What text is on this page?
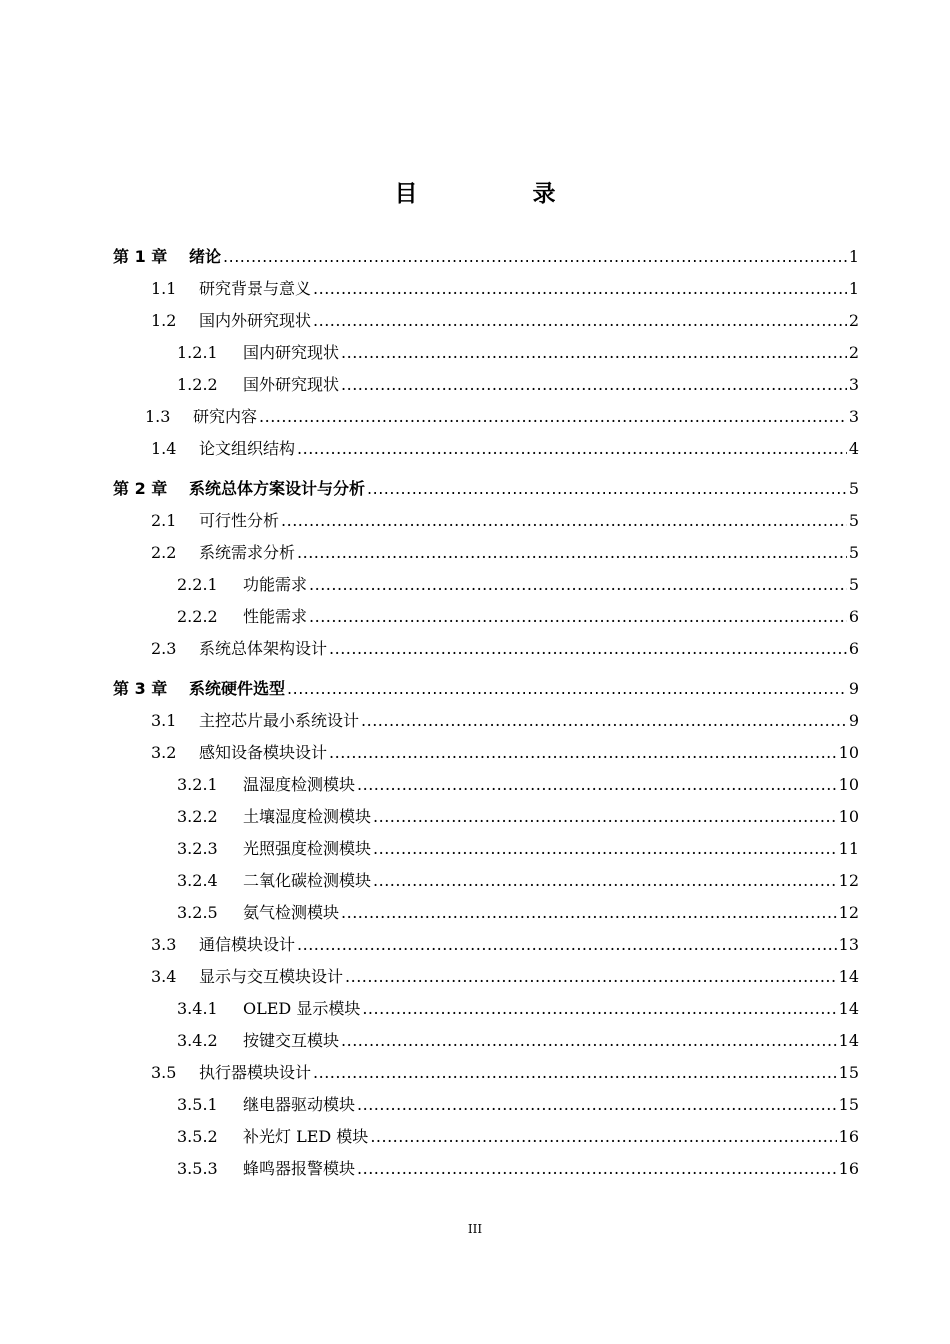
目　录
第 1 章	绪论 .....	1
1.1	研究背景与意义 .....	1
1.2	国内外研究现状 .....	2
1.2.1	国内研究现状 .....	2
1.2.2	国外研究现状 .....	3
1.3	研究内容 .....	3
1.4	论文组织结构 .....	4
第 2 章	系统总体方案设计与分析 .....	5
2.1	可行性分析 .....	5
2.2	系统需求分析 .....	5
2.2.1	功能需求 .....	5
2.2.2	性能需求 .....	6
2.3	系统总体架构设计 .....	6
第 3 章	系统硬件选型 .....	9
3.1	主控芯片最小系统设计 .....	9
3.2	感知设备模块设计 .....	10
3.2.1	温湿度检测模块 .....	10
3.2.2	土壤湿度检测模块 .....	10
3.2.3	光照强度检测模块 .....	11
3.2.4	二氧化碳检测模块 .....	12
3.2.5	氨气检测模块 .....	12
3.3	通信模块设计 .....	13
3.4	显示与交互模块设计 .....	14
3.4.1	OLED 显示模块 .....	14
3.4.2	按键交互模块 .....	14
3.5	执行器模块设计 .....	15
3.5.1	继电器驱动模块 .....	15
3.5.2	补光灯 LED 模块 .....	16
3.5.3	蜂鸣器报警模块 .....	16
III
